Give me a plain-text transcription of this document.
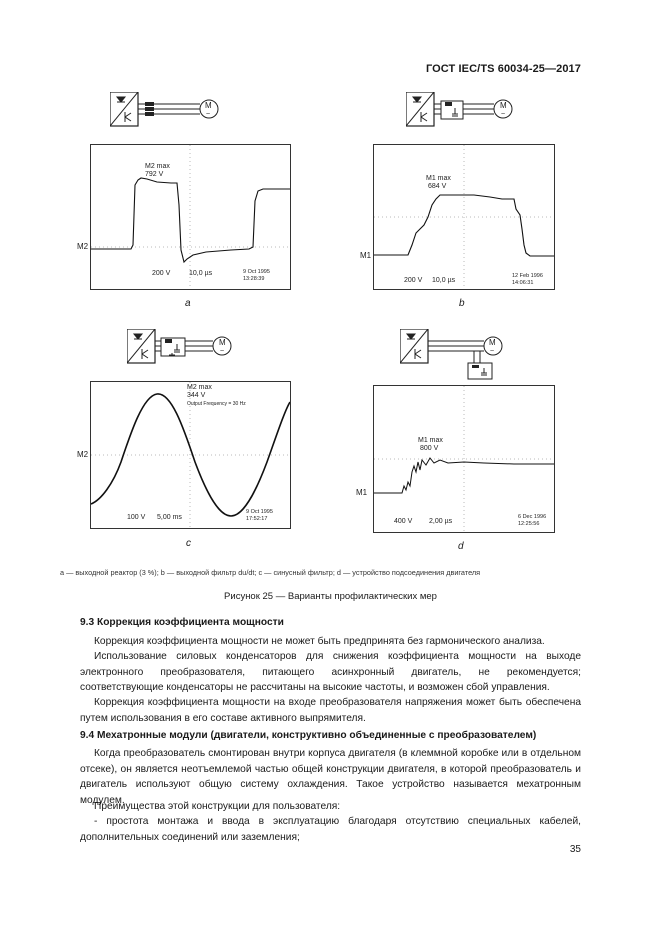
ГОСТ IEC/TS 60034-25—2017
M
~
M2 max
792 V
200 V	10,0 µs	9 Oct 1995
13:28:39
M2
a
M
~
M1 max
684 V
200 V 10,0 µs
12 Feb 1996
14:06:31
M1
b
M
~
M2 max
344 V
Output Frequency = 30 Hz
100 V 5,00 ms
9 Oct 1995
17:52:17
M2
c
M
~
M1 max
800 V
400 V 2,00 µs
6 Dec 1996
12:25:56
M1
d
a — выходной реактор (3 %); b — выходной фильтр du/dt; c — синусный фильтр; d — устройство подсоединения двигателя
Рисунок 25 — Варианты профилактических мер
9.3 Коррекция коэффициента мощности
Коррекция коэффициента мощности не может быть предпринята без гармонического анализа.
Использование силовых конденсаторов для снижения коэффициента мощности на выходе электронного преобразователя, питающего асинхронный двигатель, не рекомендуется; соответствующие конденсаторы не рассчитаны на высокие частоты, и возможен сбой управления.
Коррекция коэффициента мощности на входе преобразователя напряжения может быть обеспечена путем использования в его составе активного выпрямителя.
9.4 Мехатронные модули (двигатели, конструктивно объединенные с преобразователем)
Когда преобразователь смонтирован внутри корпуса двигателя (в клеммной коробке или в отдельном отсеке), он является неотъемлемой частью общей конструкции двигателя, в которой преобразователь и двигатель используют общую систему охлаждения. Такое устройство называется мехатронным модулем.
Преимущества этой конструкции для пользователя:
- простота монтажа и ввода в эксплуатацию благодаря отсутствию специальных кабелей, дополнительных соединений или заземления;
35
